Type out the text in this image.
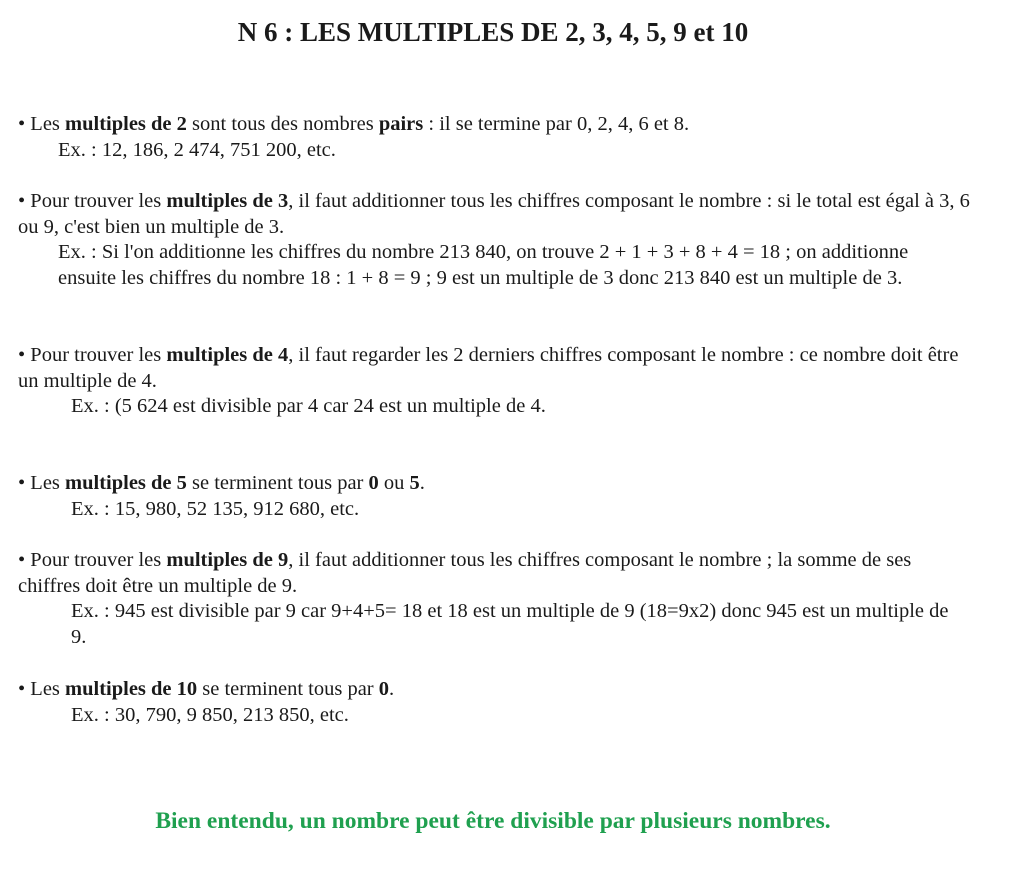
N 6 : LES MULTIPLES DE 2, 3, 4, 5, 9 et 10
• Les multiples de 2 sont tous des nombres pairs : il se termine par 0, 2, 4, 6 et 8.
Ex. : 12, 186, 2 474, 751 200, etc.
• Pour trouver les multiples de 3, il faut additionner tous les chiffres composant le nombre : si le total est égal à 3, 6 ou 9, c'est bien un multiple de 3.
Ex. : Si l'on additionne les chiffres du nombre 213 840, on trouve 2 + 1 + 3 + 8 + 4 = 18 ; on additionne ensuite les chiffres du nombre 18 : 1 + 8 = 9 ; 9 est un multiple de 3 donc 213 840 est un multiple de 3.
• Pour trouver les multiples de 4, il faut regarder les 2 derniers chiffres composant le nombre : ce nombre doit être un multiple de 4.
Ex. : (5 624 est divisible par 4 car 24 est un multiple de 4.
• Les multiples de 5 se terminent tous par 0 ou 5.
Ex. : 15, 980, 52 135, 912 680, etc.
• Pour trouver les multiples de 9, il faut additionner tous les chiffres composant le nombre ; la somme de ses chiffres doit être un multiple de 9.
Ex. : 945 est divisible par 9 car 9+4+5= 18 et 18 est un multiple de 9 (18=9x2) donc 945 est un multiple de 9.
• Les multiples de 10 se terminent tous par 0.
Ex. : 30, 790, 9 850, 213 850, etc.
Bien entendu, un nombre peut être divisible par plusieurs nombres.
